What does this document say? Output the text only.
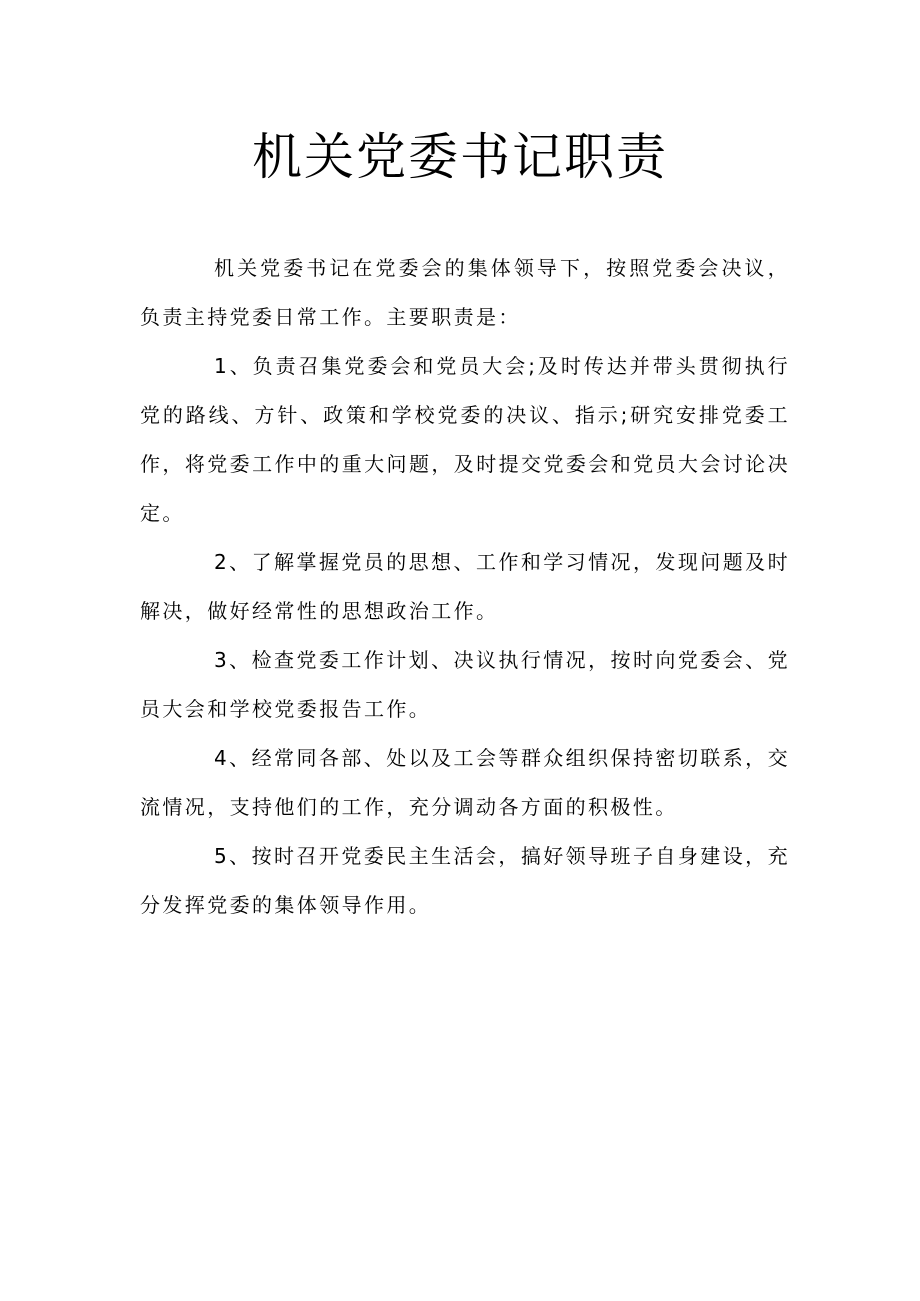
机关党委书记职责

机关党委书记在党委会的集体领导下，按照党委会决议，负责主持党委日常工作。主要职责是：

1、负责召集党委会和党员大会;及时传达并带头贯彻执行党的路线、方针、政策和学校党委的决议、指示;研究安排党委工作，将党委工作中的重大问题，及时提交党委会和党员大会讨论决定。

2、了解掌握党员的思想、工作和学习情况，发现问题及时解决，做好经常性的思想政治工作。

3、检查党委工作计划、决议执行情况，按时向党委会、党员大会和学校党委报告工作。

4、经常同各部、处以及工会等群众组织保持密切联系，交流情况，支持他们的工作，充分调动各方面的积极性。

5、按时召开党委民主生活会，搞好领导班子自身建设，充分发挥党委的集体领导作用。
